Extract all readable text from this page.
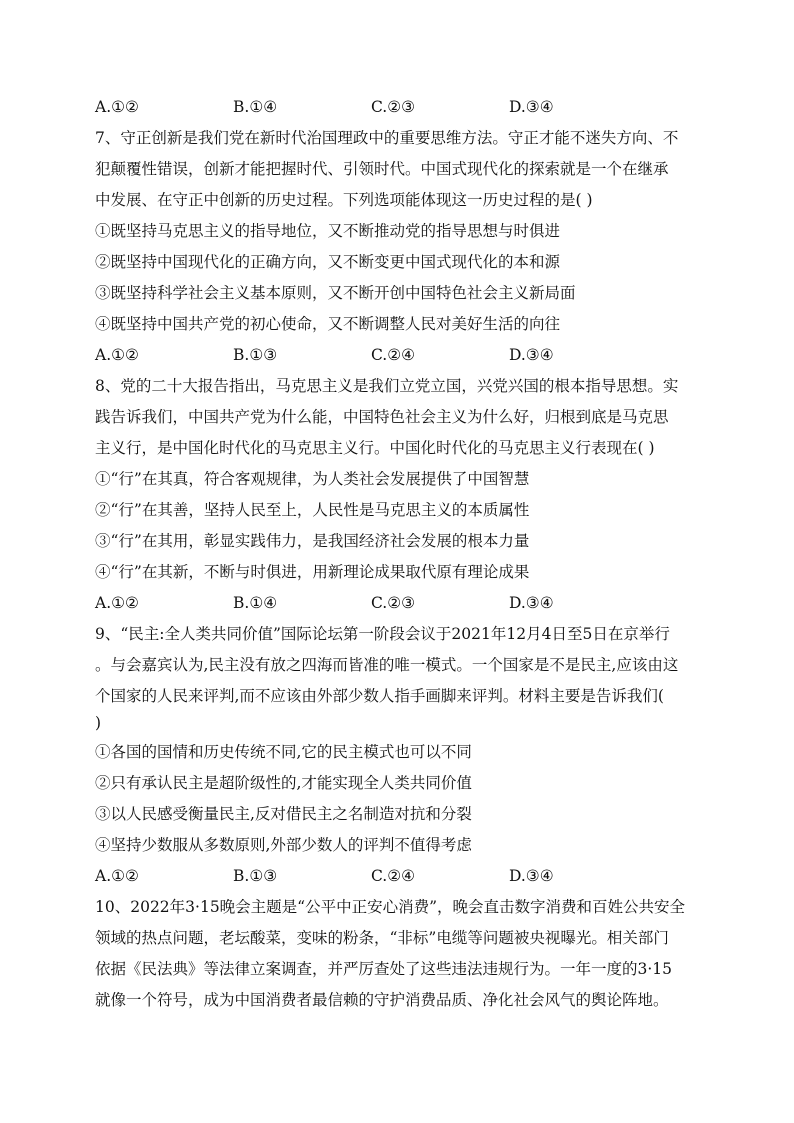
A.①②	B.①④	C.②③	D.③④
7、守正创新是我们党在新时代治国理政中的重要思维方法。守正才能不迷失方向、不
犯颠覆性错误，创新才能把握时代、引领时代。中国式现代化的探索就是一个在继承
中发展、在守正中创新的历史过程。下列选项能体现这一历史过程的是( )
①既坚持马克思主义的指导地位，又不断推动党的指导思想与时俱进
②既坚持中国现代化的正确方向，又不断变更中国式现代化的本和源
③既坚持科学社会主义基本原则，又不断开创中国特色社会主义新局面
④既坚持中国共产党的初心使命，又不断调整人民对美好生活的向往
A.①②	B.①③	C.②④	D.③④
8、党的二十大报告指出，马克思主义是我们立党立国，兴党兴国的根本指导思想。实
践告诉我们，中国共产党为什么能，中国特色社会主义为什么好，归根到底是马克思
主义行，是中国化时代化的马克思主义行。中国化时代化的马克思主义行表现在( )
①“行”在其真，符合客观规律，为人类社会发展提供了中国智慧
②“行”在其善，坚持人民至上，人民性是马克思主义的本质属性
③“行”在其用，彰显实践伟力，是我国经济社会发展的根本力量
④“行”在其新，不断与时俱进，用新理论成果取代原有理论成果
A.①②	B.①④	C.②③	D.③④
9、“民主:全人类共同价值”国际论坛第一阶段会议于2021年12月4日至5日在京举行
。与会嘉宾认为,民主没有放之四海而皆准的唯一模式。一个国家是不是民主,应该由这
个国家的人民来评判,而不应该由外部少数人指手画脚来评判。材料主要是告诉我们(
)
①各国的国情和历史传统不同,它的民主模式也可以不同
②只有承认民主是超阶级性的,才能实现全人类共同价值
③以人民感受衡量民主,反对借民主之名制造对抗和分裂
④坚持少数服从多数原则,外部少数人的评判不值得考虑
A.①②	B.①③	C.②④	D.③④
10、2022年3·15晚会主题是“公平中正安心消费”，晚会直击数字消费和百姓公共安全
领域的热点问题，老坛酸菜，变味的粉条，“非标”电缆等问题被央视曝光。相关部门
依据《民法典》等法律立案调查，并严厉查处了这些违法违规行为。一年一度的3·15
就像一个符号，成为中国消费者最信赖的守护消费品质、净化社会风气的舆论阵地。
